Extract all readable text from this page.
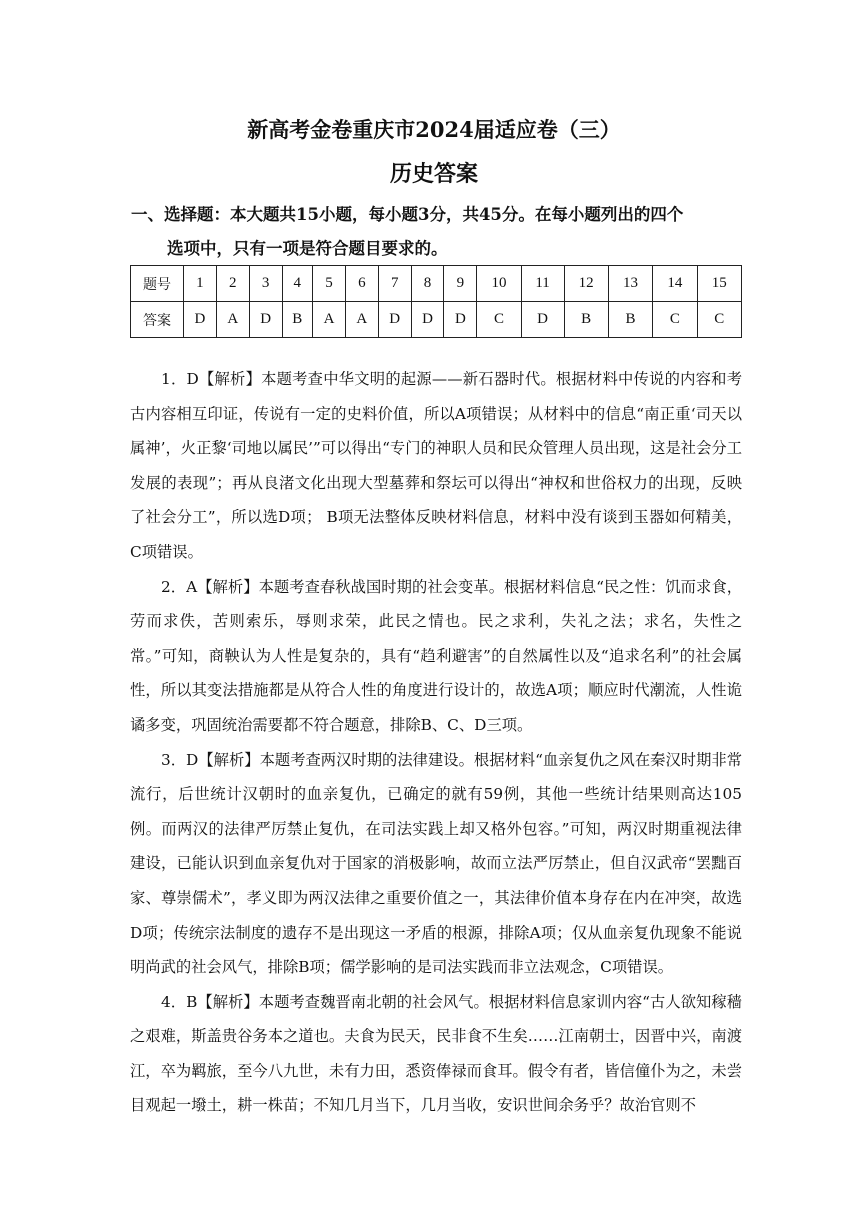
新高考金卷重庆市2024届适应卷（三）
历史答案
一、选择题：本大题共15小题，每小题3分，共45分。在每小题列出的四个
选项中，只有一项是符合题目要求的。
题号	1	2	3	4	5	6	7	8	9	10	11	12	13	14	15
答案	D	A	D	B	A	A	D	D	D	C	D	B	B	C	C

1．D【解析】本题考查中华文明的起源——新石器时代。根据材料中传说的内容和考古内容相互印证，传说有一定的史料价值，所以A项错误；从材料中的信息“南正重‘司天以属神’，火正黎‘司地以属民’”可以得出“专门的神职人员和民众管理人员出现，这是社会分工发展的表现”；再从良渚文化出现大型墓葬和祭坛可以得出“神权和世俗权力的出现，反映了社会分工”，所以选D项； B项无法整体反映材料信息，材料中没有谈到玉器如何精美，C项错误。

2．A【解析】本题考查春秋战国时期的社会变革。根据材料信息“民之性：饥而求食，劳而求佚，苦则索乐，辱则求荣，此民之情也。民之求利，失礼之法；求名，失性之常。”可知，商鞅认为人性是复杂的，具有“趋利避害”的自然属性以及“追求名利”的社会属性，所以其变法措施都是从符合人性的角度进行设计的，故选A项；顺应时代潮流，人性诡谲多变，巩固统治需要都不符合题意，排除B、C、D三项。

3．D【解析】本题考查两汉时期的法律建设。根据材料“血亲复仇之风在秦汉时期非常流行，后世统计汉朝时的血亲复仇，已确定的就有59例，其他一些统计结果则高达105例。而两汉的法律严厉禁止复仇，在司法实践上却又格外包容。”可知，两汉时期重视法律建设，已能认识到血亲复仇对于国家的消极影响，故而立法严厉禁止，但自汉武帝“罢黜百家、尊崇儒术”，孝义即为两汉法律之重要价值之一，其法律价值本身存在内在冲突，故选D项；传统宗法制度的遗存不是出现这一矛盾的根源，排除A项；仅从血亲复仇现象不能说明尚武的社会风气，排除B项；儒学影响的是司法实践而非立法观念，C项错误。

4．B【解析】本题考查魏晋南北朝的社会风气。根据材料信息家训内容“古人欲知稼穑之艰难，斯盖贵谷务本之道也。夫食为民天，民非食不生矣……江南朝士，因晋中兴，南渡江，卒为羁旅，至今八九世，未有力田，悉资俸禄而食耳。假令有者，皆信僮仆为之，未尝目观起一墢土，耕一株苗；不知几月当下，几月当收，安识世间余务乎？故治官则不
